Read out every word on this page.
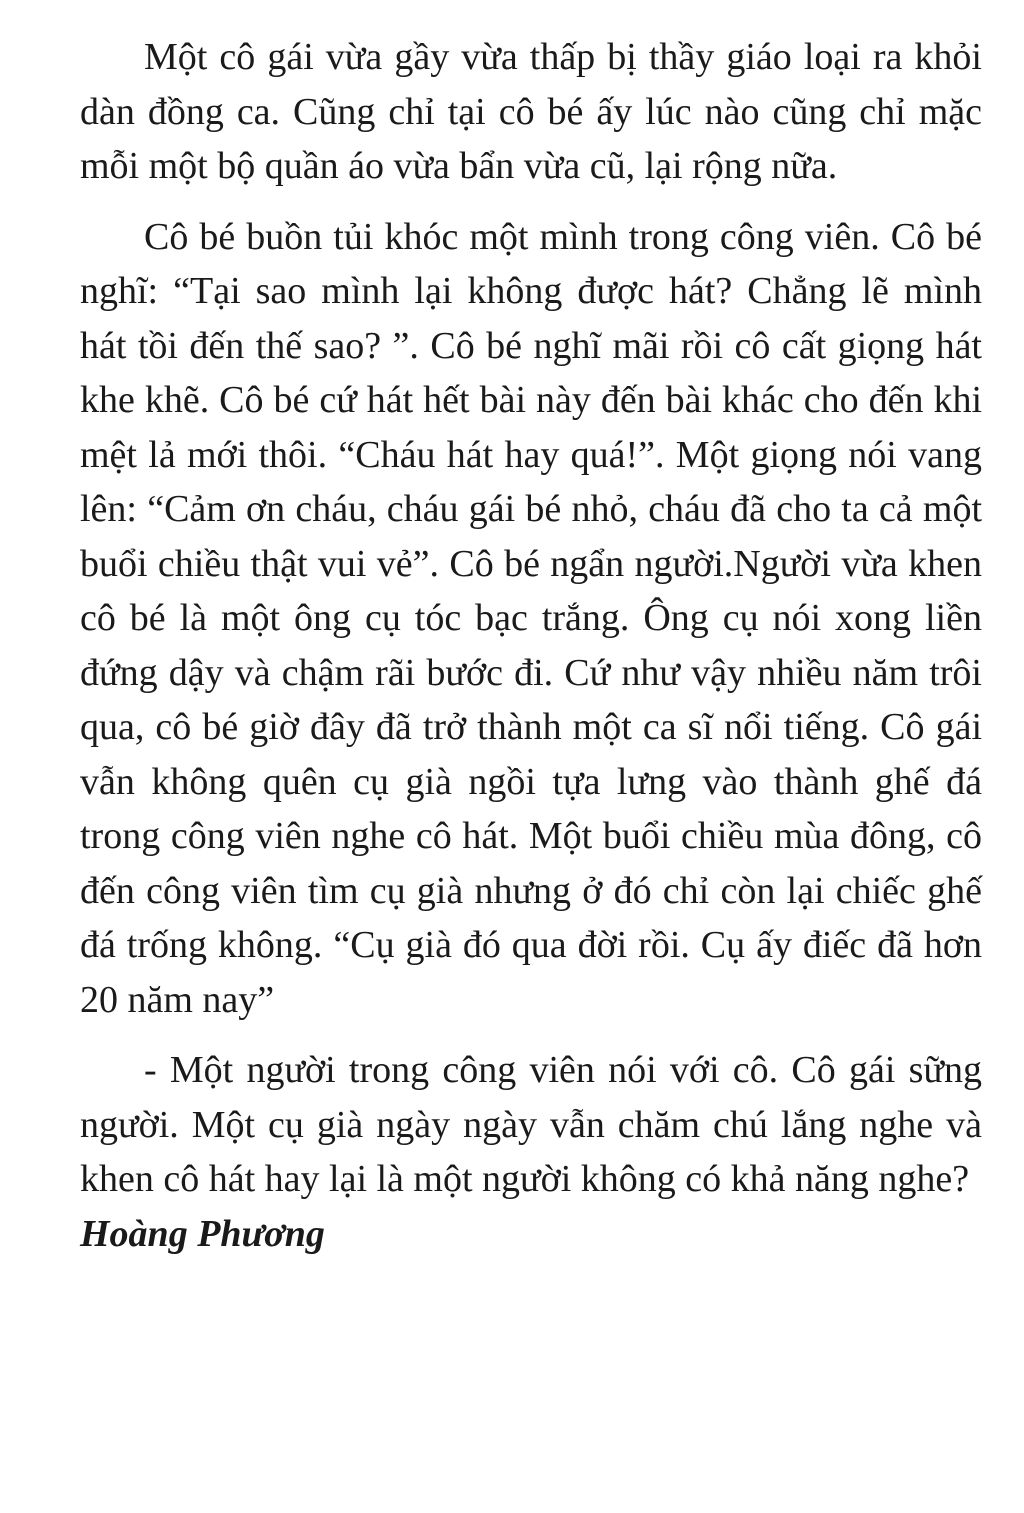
Một cô gái vừa gầy vừa thấp bị thầy giáo loại ra khỏi dàn đồng ca. Cũng chỉ tại cô bé ấy lúc nào cũng chỉ mặc mỗi một bộ quần áo vừa bẩn vừa cũ, lại rộng nữa.

Cô bé buồn tủi khóc một mình trong công viên. Cô bé nghĩ: “Tại sao mình lại không được hát? Chẳng lẽ mình hát tồi đến thế sao? ”. Cô bé nghĩ mãi rồi cô cất giọng hát khe khẽ. Cô bé cứ hát hết bài này đến bài khác cho đến khi mệt lả mới thôi. “Cháu hát hay quá!”. Một giọng nói vang lên: “Cảm ơn cháu, cháu gái bé nhỏ, cháu đã cho ta cả một buổi chiều thật vui vẻ”. Cô bé ngẩn người.Người vừa khen cô bé là một ông cụ tóc bạc trắng. Ông cụ nói xong liền đứng dậy và chậm rãi bước đi. Cứ như vậy nhiều năm trôi qua, cô bé giờ đây đã trở thành một ca sĩ nổi tiếng. Cô gái vẫn không quên cụ già ngồi tựa lưng vào thành ghế đá trong công viên nghe cô hát. Một buổi chiều mùa đông, cô đến công viên tìm cụ già nhưng ở đó chỉ còn lại chiếc ghế đá trống không. “Cụ già đó qua đời rồi. Cụ ấy điếc đã hơn 20 năm nay”

- Một người trong công viên nói với cô. Cô gái sững người. Một cụ già ngày ngày vẫn chăm chú lắng nghe và khen cô hát hay lại là một người không có khả năng nghe?

Hoàng Phương
